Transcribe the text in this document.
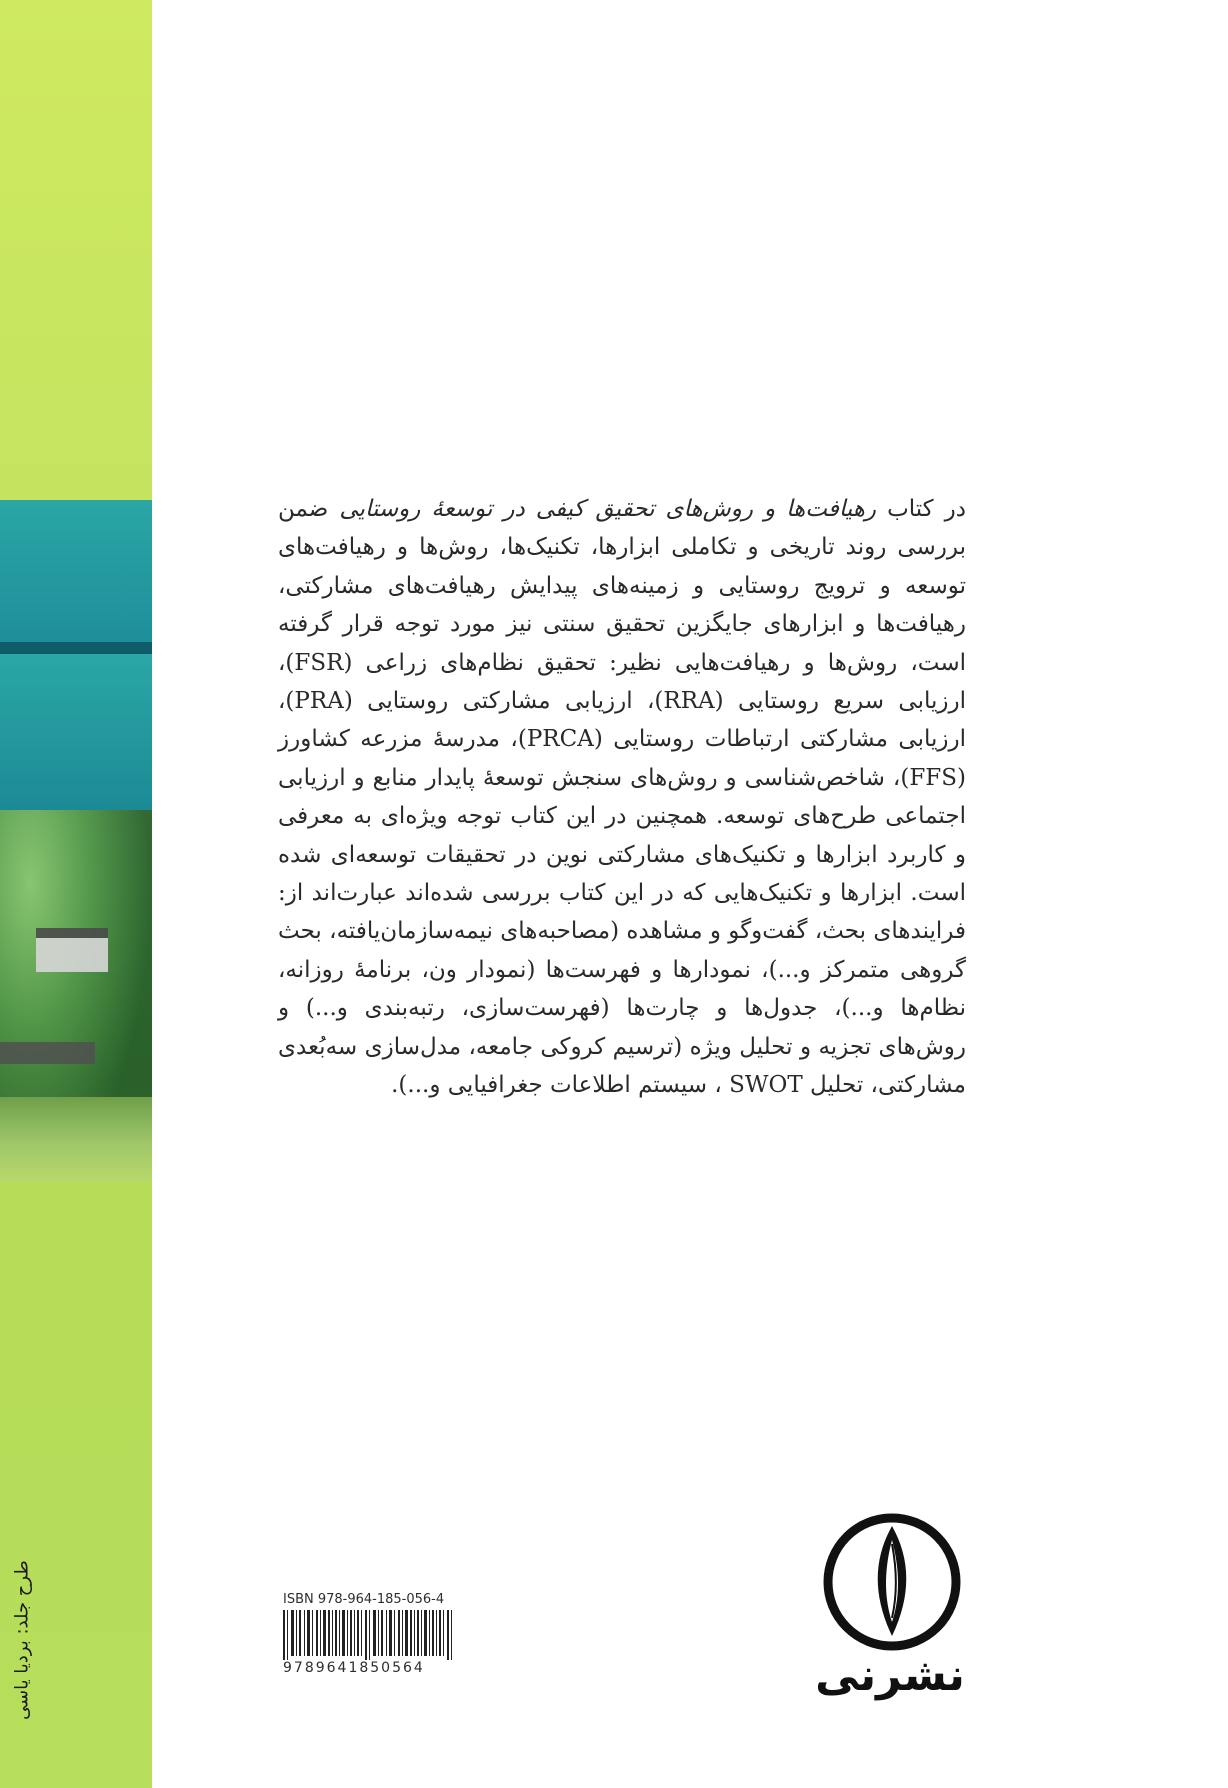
طرح جلد: بردیا یاسی
در کتاب رهیافت‌ها و روش‌های تحقیق کیفی در توسعهٔ روستایی ضمن بررسی روند تاریخی و تکاملی ابزارها، تکنیک‌ها، روش‌ها و رهیافت‌های توسعه و ترویج روستایی و زمینه‌های پیدایش رهیافت‌های مشارکتی، رهیافت‌ها و ابزارهای جایگزین تحقیق سنتی نیز مورد توجه قرار گرفته است، روش‌ها و رهیافت‌هایی نظیر: تحقیق نظام‌های زراعی (FSR)، ارزیابی سریع روستایی (RRA)، ارزیابی مشارکتی روستایی (PRA)، ارزیابی مشارکتی ارتباطات روستایی (PRCA)، مدرسهٔ مزرعه کشاورز (FFS)، شاخص‌شناسی و روش‌های سنجش توسعهٔ پایدار منابع و ارزیابی اجتماعی طرح‌های توسعه. همچنین در این کتاب توجه ویژه‌ای به معرفی و کاربرد ابزارها و تکنیک‌های مشارکتی نوین در تحقیقات توسعه‌ای شده است. ابزارها و تکنیک‌هایی که در این کتاب بررسی شده‌اند عبارت‌اند از: فرایندهای بحث، گفت‌وگو و مشاهده (مصاحبه‌های نیمه‌سازمان‌یافته، بحث گروهی متمرکز و...)، نمودارها و فهرست‌ها (نمودار ون، برنامهٔ روزانه، نظام‌ها و...)، جدول‌ها و چارت‌ها (فهرست‌سازی، رتبه‌بندی و...) و روش‌های تجزیه و تحلیل ویژه (ترسیم کروکی جامعه، مدل‌سازی سه‌بُعدی مشارکتی، تحلیل SWOT ، سیستم اطلاعات جغرافیایی و...).
ISBN 978-964-185-056-4
9789641850564	نشرنی
